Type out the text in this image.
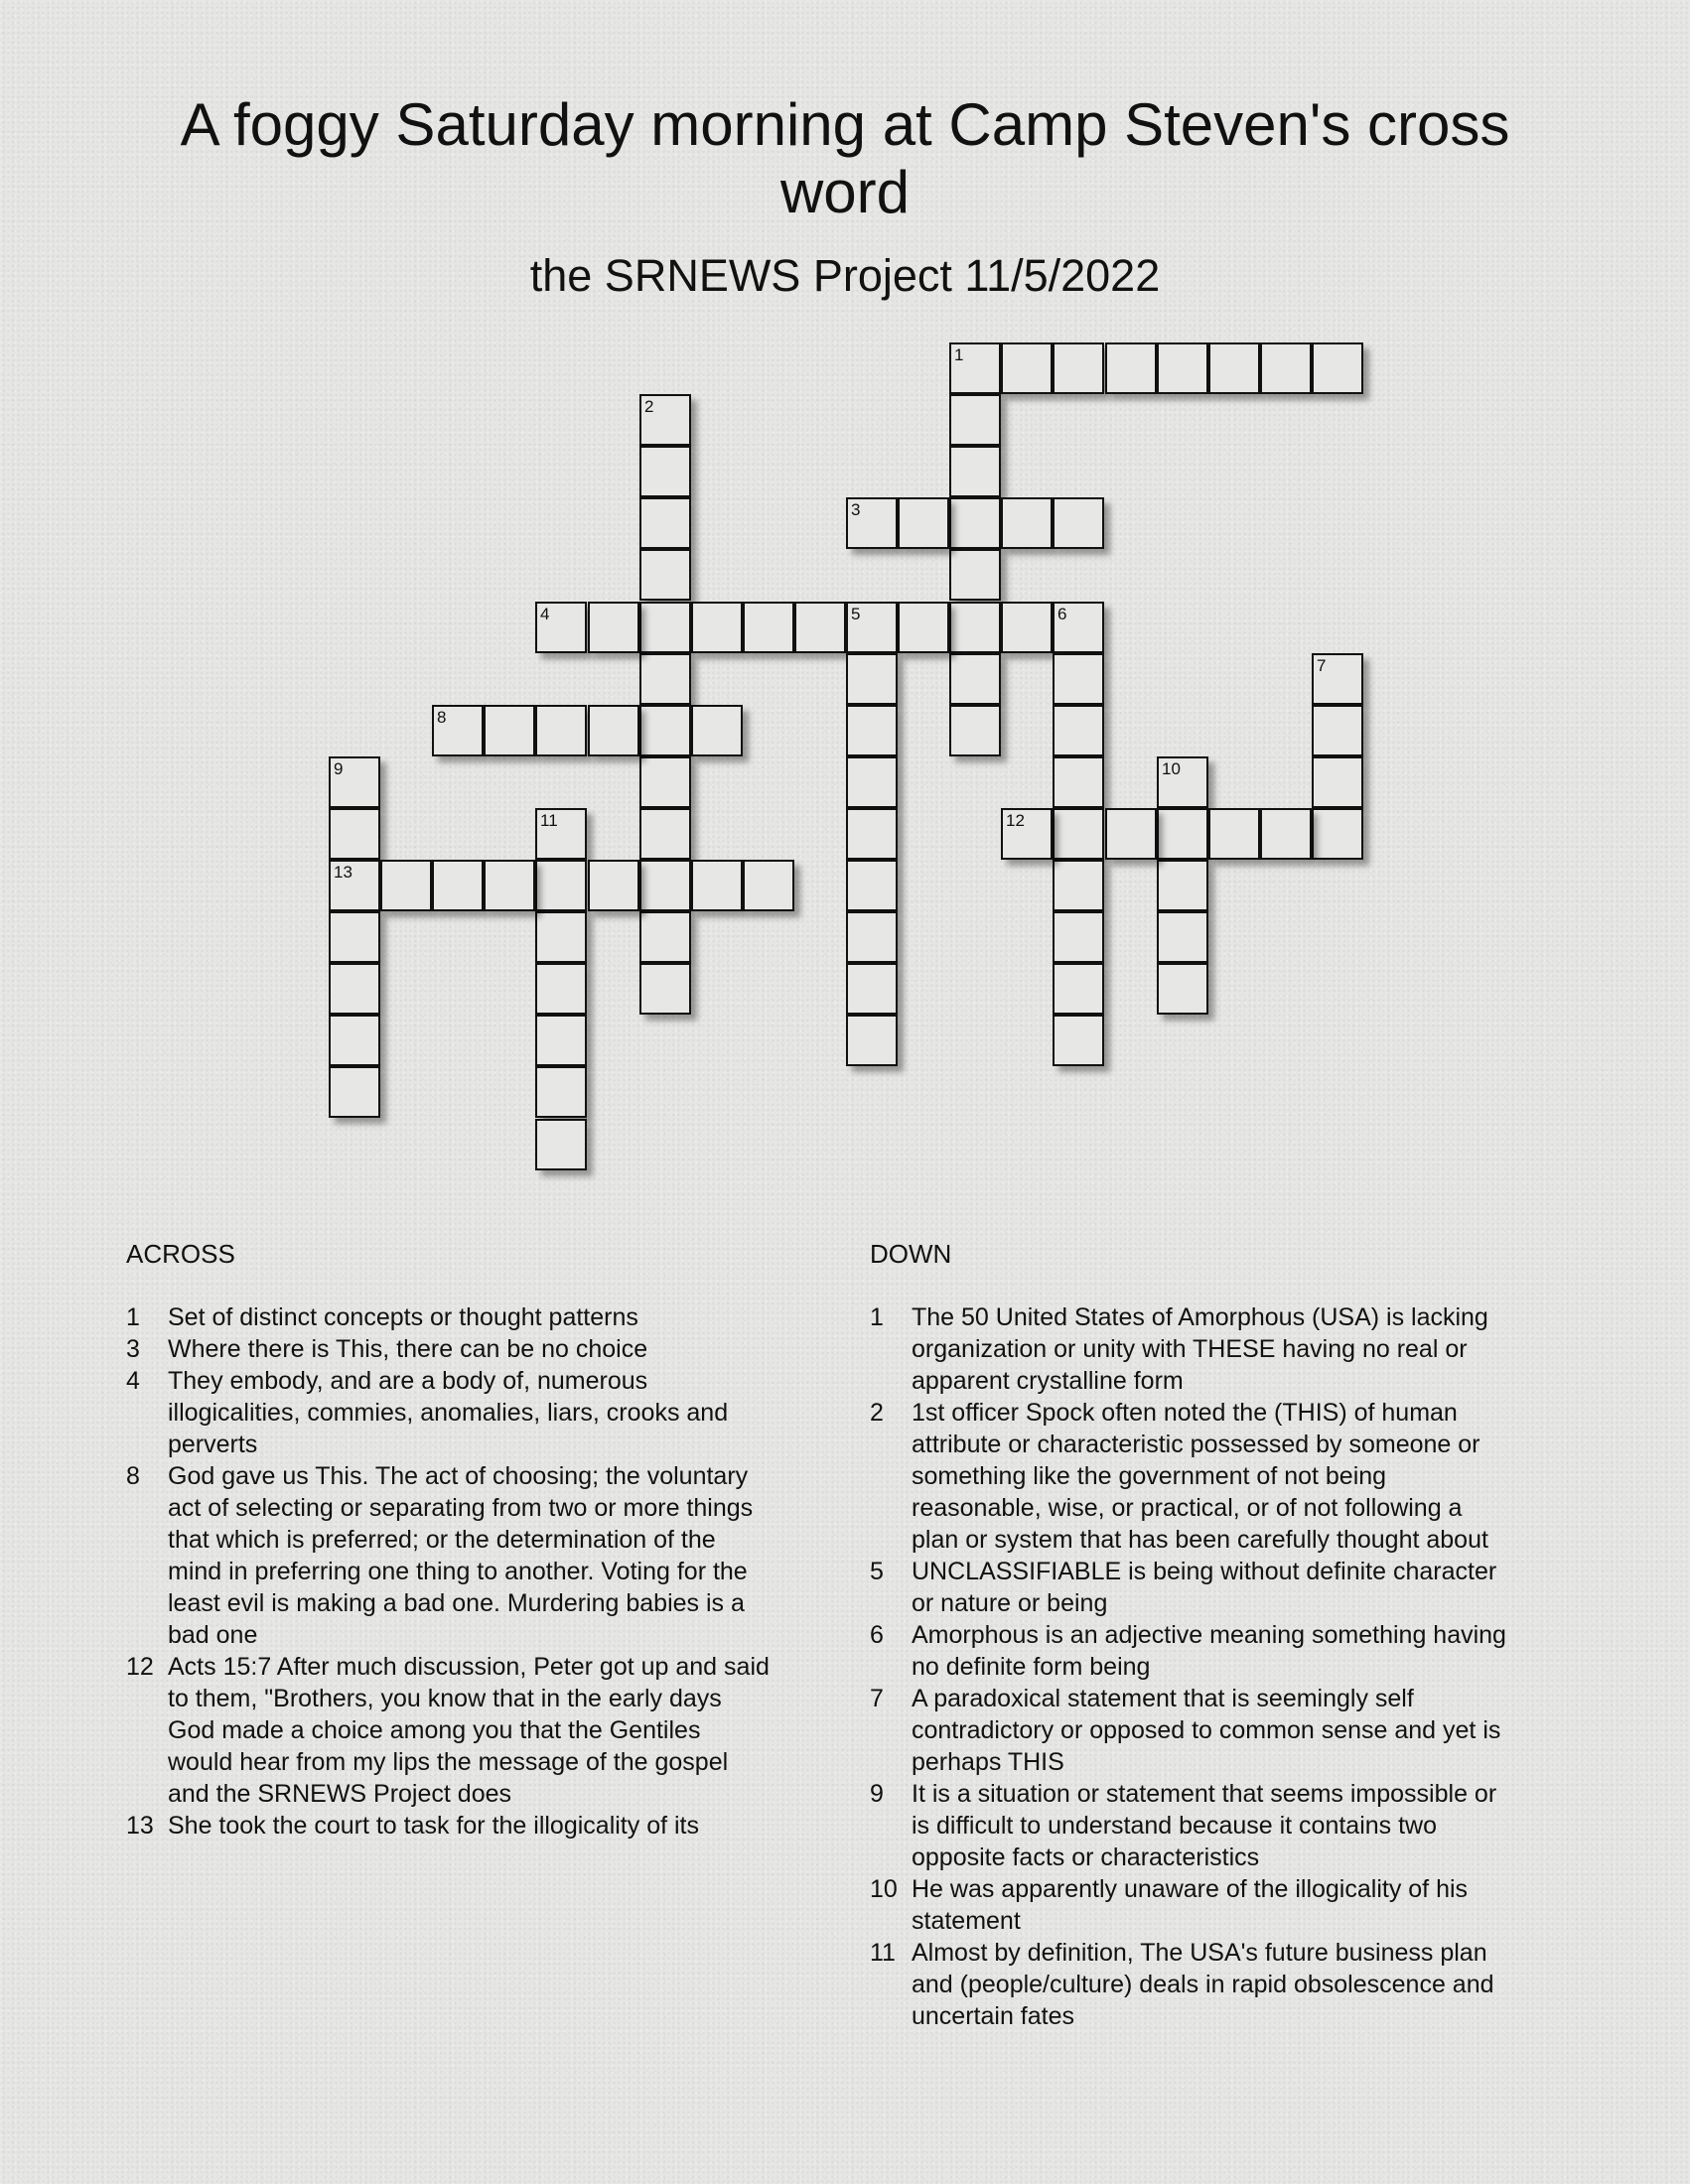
A foggy Saturday morning at Camp Steven's cross word
the SRNEWS Project 11/5/2022
1
2
3
4	5	6
7
8
9
13
10
11	12
ACROSS
1 Set of distinct concepts or thought patterns
3 Where there is This, there can be no choice
4 They embody, and are a body of, numerous illogicalities, commies, anomalies, liars, crooks and perverts
8 God gave us This. The act of choosing; the voluntary act of selecting or separating from two or more things that which is preferred; or the determination of the mind in preferring one thing to another. Voting for the least evil is making a bad one. Murdering babies is a bad one
12 Acts 15:7 After much discussion, Peter got up and said to them, "Brothers, you know that in the early days God made a choice among you that the Gentiles would hear from my lips the message of the gospel and the SRNEWS Project does
13 She took the court to task for the illogicality of its
DOWN
1 The 50 United States of Amorphous (USA) is lacking organization or unity with THESE having no real or apparent crystalline form
2 1st officer Spock often noted the (THIS) of human attribute or characteristic possessed by someone or something like the government of not being reasonable, wise, or practical, or of not following a plan or system that has been carefully thought about
5 UNCLASSIFIABLE is being without definite character or nature or being
6 Amorphous is an adjective meaning something having no definite form being
7 A paradoxical statement that is seemingly self contradictory or opposed to common sense and yet is perhaps THIS
9 It is a situation or statement that seems impossible or is difficult to understand because it contains two opposite facts or characteristics
10 He was apparently unaware of the illogicality of his statement
11 Almost by definition, The USA's future business plan and (people/culture) deals in rapid obsolescence and uncertain fates
